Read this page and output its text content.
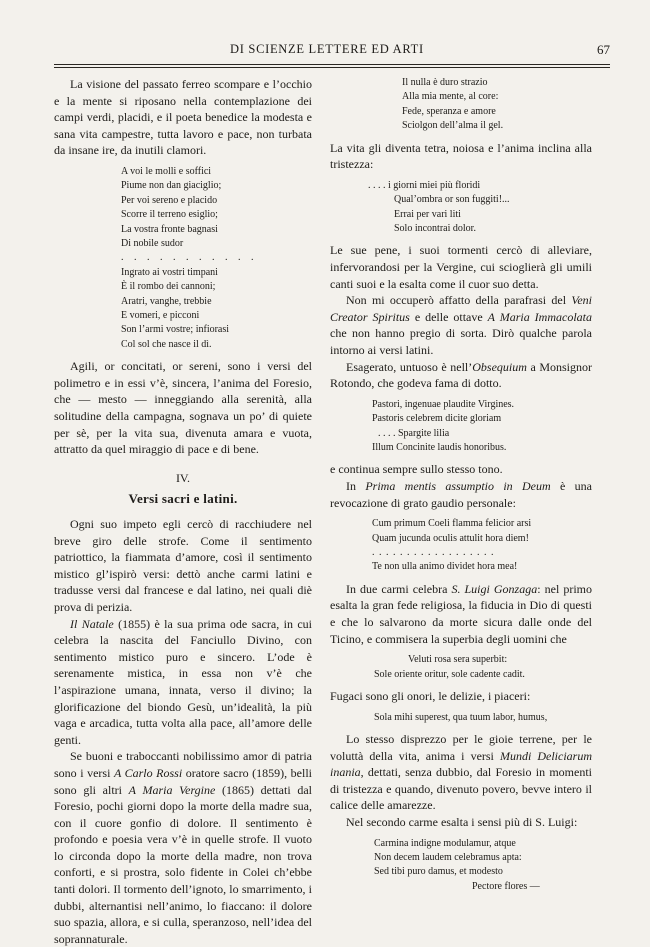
DI SCIENZE LETTERE ED ARTI	67

La visione del passato ferreo scompare e l’occhio e la mente si riposano nella contemplazione dei campi verdi, placidi, e il poeta benedice la modesta e sana vita campestre, tutta lavoro e pace, non turbata da insane ire, da inutili clamori.

A voi le molli e soffici
Piume non dan giaciglio;
Per voi sereno e placido
Scorre il terreno esiglio;
La vostra fronte bagnasi
Di nobile sudor
. . . . . . . . . . .
Ingrato ai vostri timpani
È il rombo dei cannoni;
Aratri, vanghe, trebbie
E vomeri, e picconi
Son l’armi vostre; infiorasi
Col sol che nasce il dì.

Agili, or concitati, or sereni, sono i versi del polimetro e in essi v’è, sincera, l’anima del Foresio, che — mesto — inneggiando alla serenità, alla solitudine della campagna, sognava un po’ di quiete per sè, per la vita sua, divenuta amara e vuota, attratto da quel miraggio di pace e di bene.

IV.
Versi sacri e latini.

Ogni suo impeto egli cercò di racchiudere nel breve giro delle strofe. Come il sentimento patriottico, la fiammata d’amore, così il sentimento mistico gl’ispirò versi: dettò anche carmi latini e tradusse versi dal francese e dal latino, nei quali diè prova di perizia.

Il Natale (1855) è la sua prima ode sacra, in cui celebra la nascita del Fanciullo Divino, con sentimento mistico puro e sincero. L’ode è serenamente mistica, in essa non v’è che l’aspirazione umana, innata, verso il divino; la glorificazione del biondo Gesù, un’idealità, la più vaga e arcadica, tutta volta alla pace, all’amore delle genti.

Se buoni e traboccanti nobilissimo amor di patria sono i versi A Carlo Rossi oratore sacro (1859), belli sono gli altri A Maria Vergine (1865) dettati dal Foresio, pochi giorni dopo la morte della madre sua, con il cuore gonfio di dolore. Il sentimento è profondo e poesia vera v’è in quelle strofe. Il vuoto lo circonda dopo la morte della madre, non trova conforti, e si prostra, solo fidente in Colei ch’ebbe tanti dolori. Il tormento dell’ignoto, lo smarrimento, i dubbi, alternantisi nell’animo, lo fiaccano: il dolore suo spazia, allora, e si culla, speranzoso, nell’idea del soprannaturale.

Il nulla è duro strazio
Alla mia mente, al core:
Fede, speranza e amore
Sciolgon dell’alma il gel.

La vita gli diventa tetra, noiosa e l’anima inclina alla tristezza:

. . . . i giorni miei più floridi
Qual’ombra or son fuggiti!...
Errai per vari liti
Solo incontrai dolor.

Le sue pene, i suoi tormenti cercò di alleviare, infervorandosi per la Vergine, cui scioglierà gli umili canti suoi e la esalta come il cuor suo detta.

Non mi occuperò affatto della parafrasi del Veni Creator Spiritus e delle ottave A Maria Immacolata che non hanno pregio di sorta. Dirò qualche parola intorno ai versi latini.

Esagerato, untuoso è nell’Obsequium a Monsignor Rotondo, che godeva fama di dotto.

Pastori, ingenuae plaudite Virgines.
Pastoris celebrem dicite gloriam
. . . . Spargite lilia
Illum Concinite laudis honoribus.

e continua sempre sullo stesso tono.

In Prima mentis assumptio in Deum è una revocazione di grato gaudio personale:

Cum primum Coeli flamma felicior arsi
Quam jucunda oculis attulit hora diem!
. . . . . . . . . . . . . . . . . .
Te non ulla animo dividet hora mea!

In due carmi celebra S. Luigi Gonzaga: nel primo esalta la gran fede religiosa, la fiducia in Dio di questi e che lo salvarono da morte sicura dalle onde del Ticino, e commisera la superbia degli uomini che

Veluti rosa sera superbit:
Sole oriente oritur, sole cadente cadit.

Fugaci sono gli onori, le delizie, i piaceri:

Sola mihi superest, qua tuum labor, humus,

Lo stesso disprezzo per le gioie terrene, per le voluttà della vita, anima i versi Mundi Deliciarum inania, dettati, senza dubbio, dal Foresio in momenti di tristezza e quando, divenuto povero, bevve intero il calice delle amarezze.

Nel secondo carme esalta i sensi più di S. Luigi:

Carmina indigne modulamur, atque
Non decem laudem celebramus apta:
Sed tibi puro damus, et modesto
Pectore flores —
